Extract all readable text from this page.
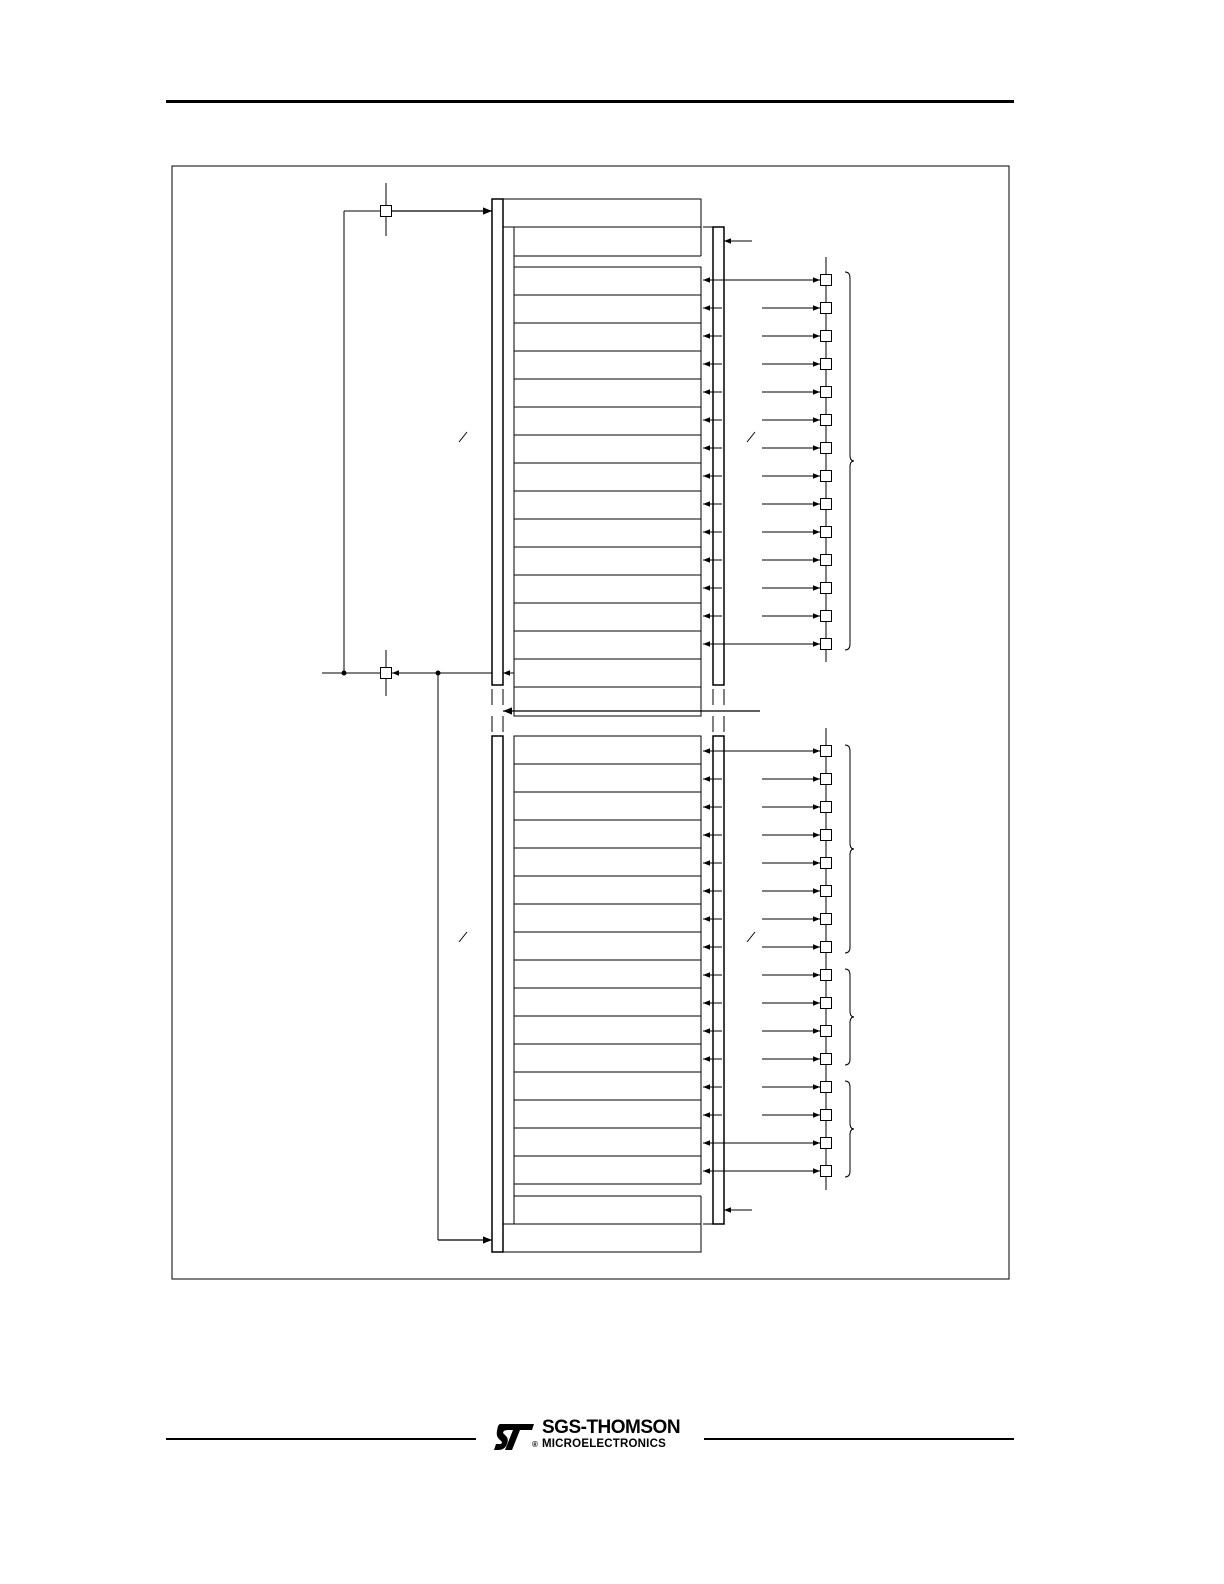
®
SGS-THOMSON
MICROELECTRONICS
